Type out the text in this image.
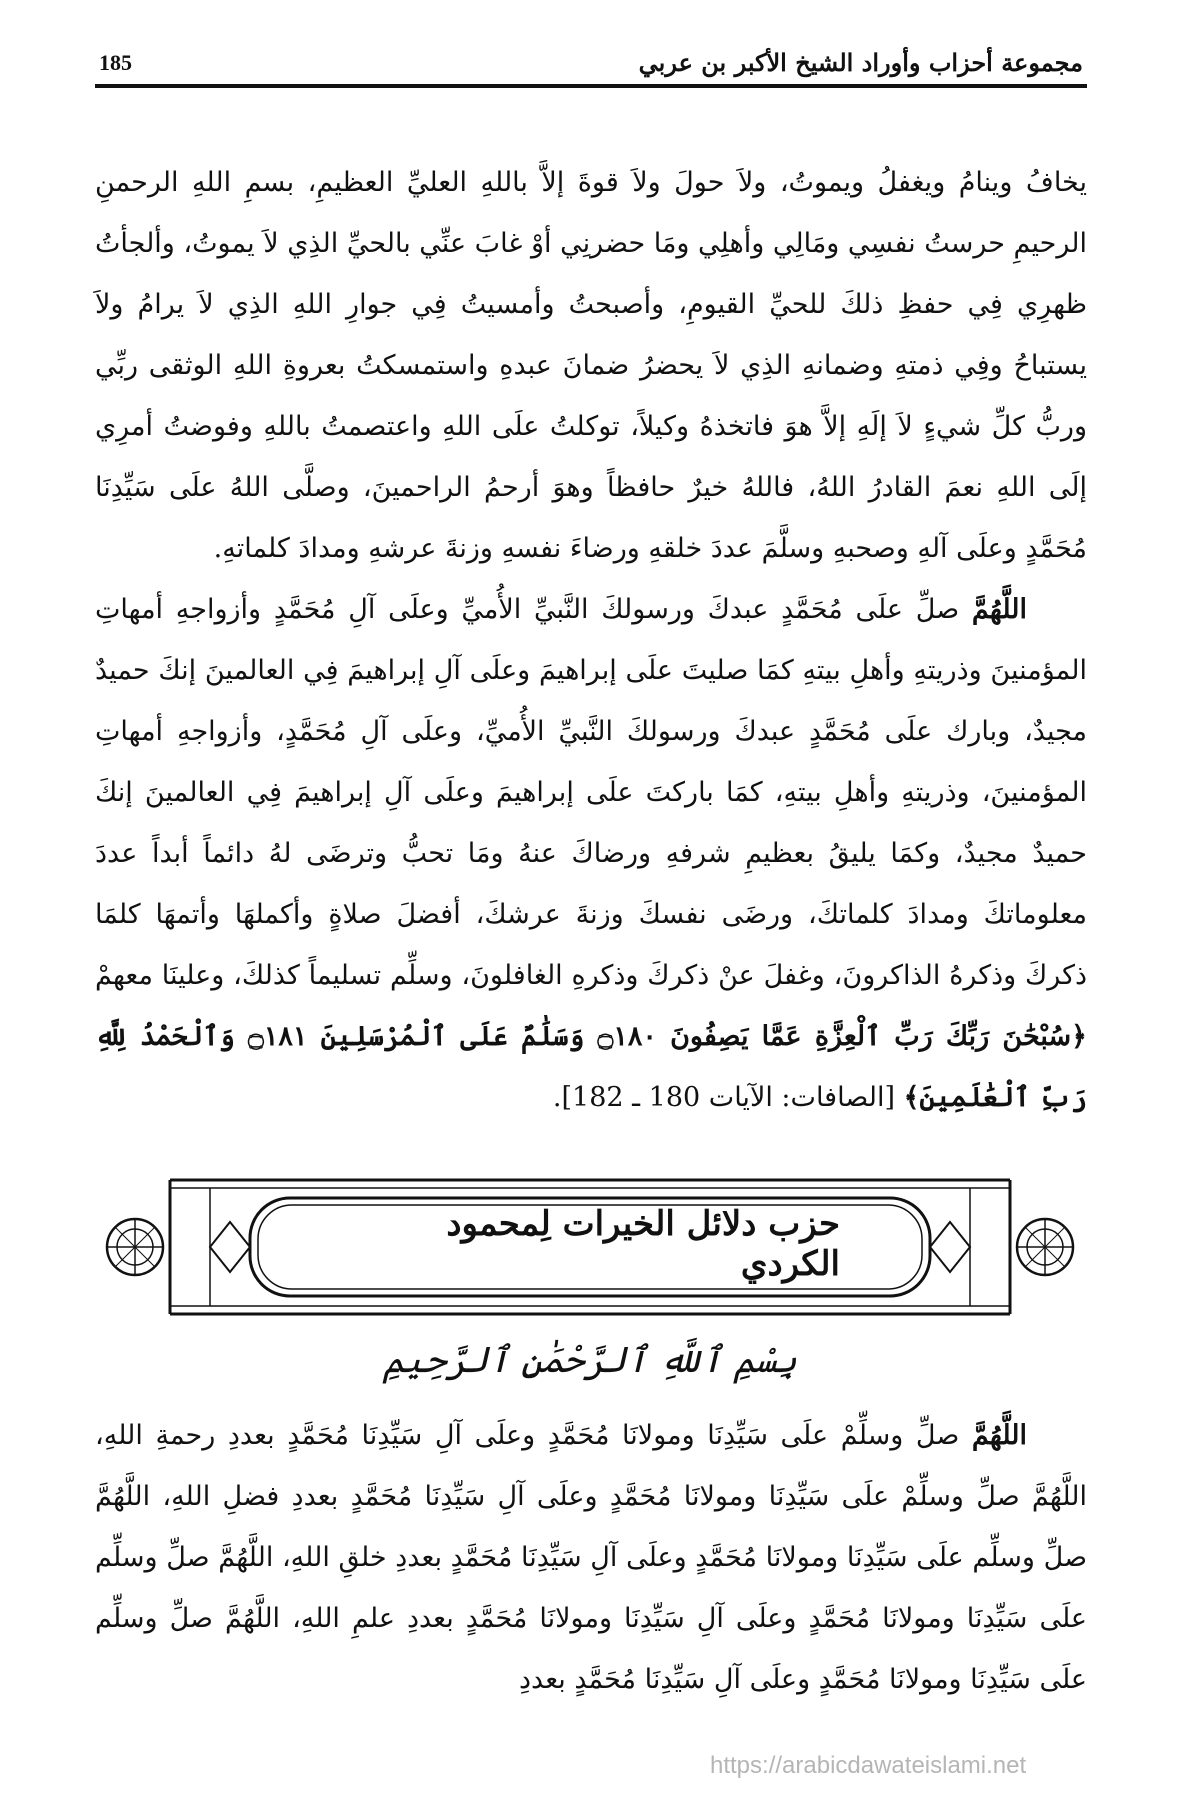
185	مجموعة أحزاب وأوراد الشيخ الأكبر بن عربي

يخافُ وينامُ ويغفلُ ويموتُ، ولاَ حولَ ولاَ قوةَ إلاَّ باللهِ العليِّ العظيمِ، بسمِ اللهِ الرحمنِ الرحيمِ حرستُ نفسِي ومَالِي وأهلِي ومَا حضرنِي أوْ غابَ عنِّي بالحيِّ الذِي لاَ يموتُ، وألجأتُ ظهرِي فِي حفظِ ذلكَ للحيِّ القيومِ، وأصبحتُ وأمسيتُ فِي جوارِ اللهِ الذِي لاَ يرامُ ولاَ يستباحُ وفِي ذمتهِ وضمانهِ الذِي لاَ يحضرُ ضمانَ عبدهِ واستمسكتُ بعروةِ اللهِ الوثقى ربِّي وربُّ كلِّ شيءٍ لاَ إلَهِ إلاَّ هوَ فاتخذهُ وكيلاً، توكلتُ علَى اللهِ واعتصمتُ باللهِ وفوضتُ أمرِي إلَى اللهِ نعمَ القادرُ اللهُ، فاللهُ خيرٌ حافظاً وهوَ أرحمُ الراحمينَ، وصلَّى اللهُ علَى سَيِّدِنَا مُحَمَّدٍ وعلَى آلهِ وصحبهِ وسلَّمَ عددَ خلقهِ ورضاءَ نفسهِ وزنةَ عرشهِ ومدادَ كلماتهِ.

اللَّهُمَّ صلِّ علَى مُحَمَّدٍ عبدكَ ورسولكَ النَّبيِّ الأُميِّ وعلَى آلِ مُحَمَّدٍ وأزواجهِ أمهاتِ المؤمنينَ وذريتهِ وأهلِ بيتهِ كمَا صليتَ علَى إبراهيمَ وعلَى آلِ إبراهيمَ فِي العالمينَ إنكَ حميدٌ مجيدٌ، وبارك علَى مُحَمَّدٍ عبدكَ ورسولكَ النَّبيِّ الأُميِّ، وعلَى آلِ مُحَمَّدٍ، وأزواجهِ أمهاتِ المؤمنينَ، وذريتهِ وأهلِ بيتهِ، كمَا باركتَ علَى إبراهيمَ وعلَى آلِ إبراهيمَ فِي العالمينَ إنكَ حميدٌ مجيدٌ، وكمَا يليقُ بعظيمِ شرفهِ ورضاكَ عنهُ ومَا تحبُّ وترضَى لهُ دائماً أبداً عددَ معلوماتكَ ومدادَ كلماتكَ، ورضَى نفسكَ وزنةَ عرشكَ، أفضلَ صلاةٍ وأكملهَا وأتمهَا كلمَا ذكركَ وذكرهُ الذاكرونَ، وغفلَ عنْ ذكركَ وذكرهِ الغافلونَ، وسلِّم تسليماً كذلكَ، وعلينَا معهمْ ﴿سُبْحَٰنَ رَبِّكَ رَبِّ ٱلْعِزَّةِ عَمَّا يَصِفُونَ ۝١٨٠ وَسَلَٰمٌ عَلَى ٱلْمُرْسَلِينَ ۝١٨١ وَٱلْحَمْدُ لِلَّهِ رَبِّ ٱلْعَٰلَمِينَ﴾ [الصافات: الآيات 180 ـ 182].

حزب دلائل الخيرات لِمحمود الكردي
بِسْمِ ٱللَّهِ ٱلرَّحْمَٰنِ ٱلرَّحِيمِ

اللَّهُمَّ صلِّ وسلِّمْ علَى سَيِّدِنَا ومولانَا مُحَمَّدٍ وعلَى آلِ سَيِّدِنَا مُحَمَّدٍ بعددِ رحمةِ اللهِ، اللَّهُمَّ صلِّ وسلِّمْ علَى سَيِّدِنَا ومولانَا مُحَمَّدٍ وعلَى آلِ سَيِّدِنَا مُحَمَّدٍ بعددِ فضلِ اللهِ، اللَّهُمَّ صلِّ وسلِّم علَى سَيِّدِنَا ومولانَا مُحَمَّدٍ وعلَى آلِ سَيِّدِنَا مُحَمَّدٍ بعددِ خلقِ اللهِ، اللَّهُمَّ صلِّ وسلِّم علَى سَيِّدِنَا ومولانَا مُحَمَّدٍ وعلَى آلِ سَيِّدِنَا ومولانَا مُحَمَّدٍ بعددِ علمِ اللهِ، اللَّهُمَّ صلِّ وسلِّم علَى سَيِّدِنَا ومولانَا مُحَمَّدٍ وعلَى آلِ سَيِّدِنَا مُحَمَّدٍ بعددِ

https://arabicdawateislami.net
